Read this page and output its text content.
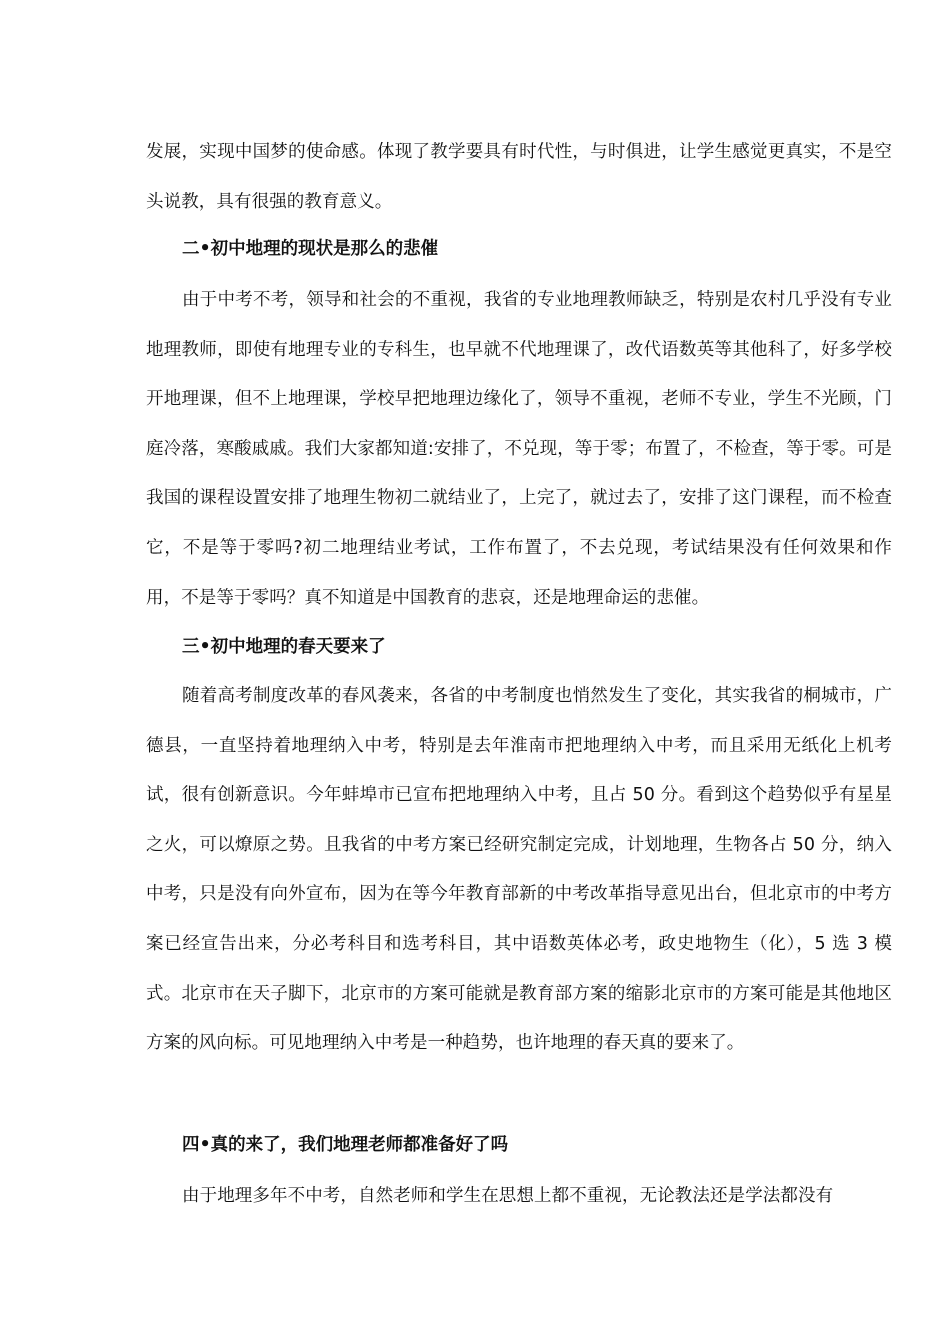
发展，实现中国梦的使命感。体现了教学要具有时代性，与时俱进，让学生感觉更真实，不是空头说教，具有很强的教育意义。

二•初中地理的现状是那么的悲催

由于中考不考，领导和社会的不重视，我省的专业地理教师缺乏，特别是农村几乎没有专业地理教师，即使有地理专业的专科生，也早就不代地理课了，改代语数英等其他科了，好多学校开地理课，但不上地理课，学校早把地理边缘化了，领导不重视，老师不专业，学生不光顾，门庭冷落，寒酸戚戚。我们大家都知道:安排了，不兑现，等于零；布置了，不检查，等于零。可是我国的课程设置安排了地理生物初二就结业了，上完了，就过去了，安排了这门课程，而不检查它，不是等于零吗?初二地理结业考试，工作布置了，不去兑现，考试结果没有任何效果和作用，不是等于零吗？真不知道是中国教育的悲哀，还是地理命运的悲催。

三•初中地理的春天要来了

随着高考制度改革的春风袭来，各省的中考制度也悄然发生了变化，其实我省的桐城市，广德县，一直坚持着地理纳入中考，特别是去年淮南市把地理纳入中考，而且采用无纸化上机考试，很有创新意识。今年蚌埠市已宣布把地理纳入中考，且占 50 分。看到这个趋势似乎有星星之火，可以燎原之势。且我省的中考方案已经研究制定完成，计划地理，生物各占 50 分，纳入中考，只是没有向外宣布，因为在等今年教育部新的中考改革指导意见出台，但北京市的中考方案已经宣告出来，分必考科目和选考科目，其中语数英体必考，政史地物生（化），5 选 3 模式。北京市在天子脚下，北京市的方案可能就是教育部方案的缩影北京市的方案可能是其他地区方案的风向标。可见地理纳入中考是一种趋势，也许地理的春天真的要来了。

四•真的来了，我们地理老师都准备好了吗

由于地理多年不中考，自然老师和学生在思想上都不重视，无论教法还是学法都没有
